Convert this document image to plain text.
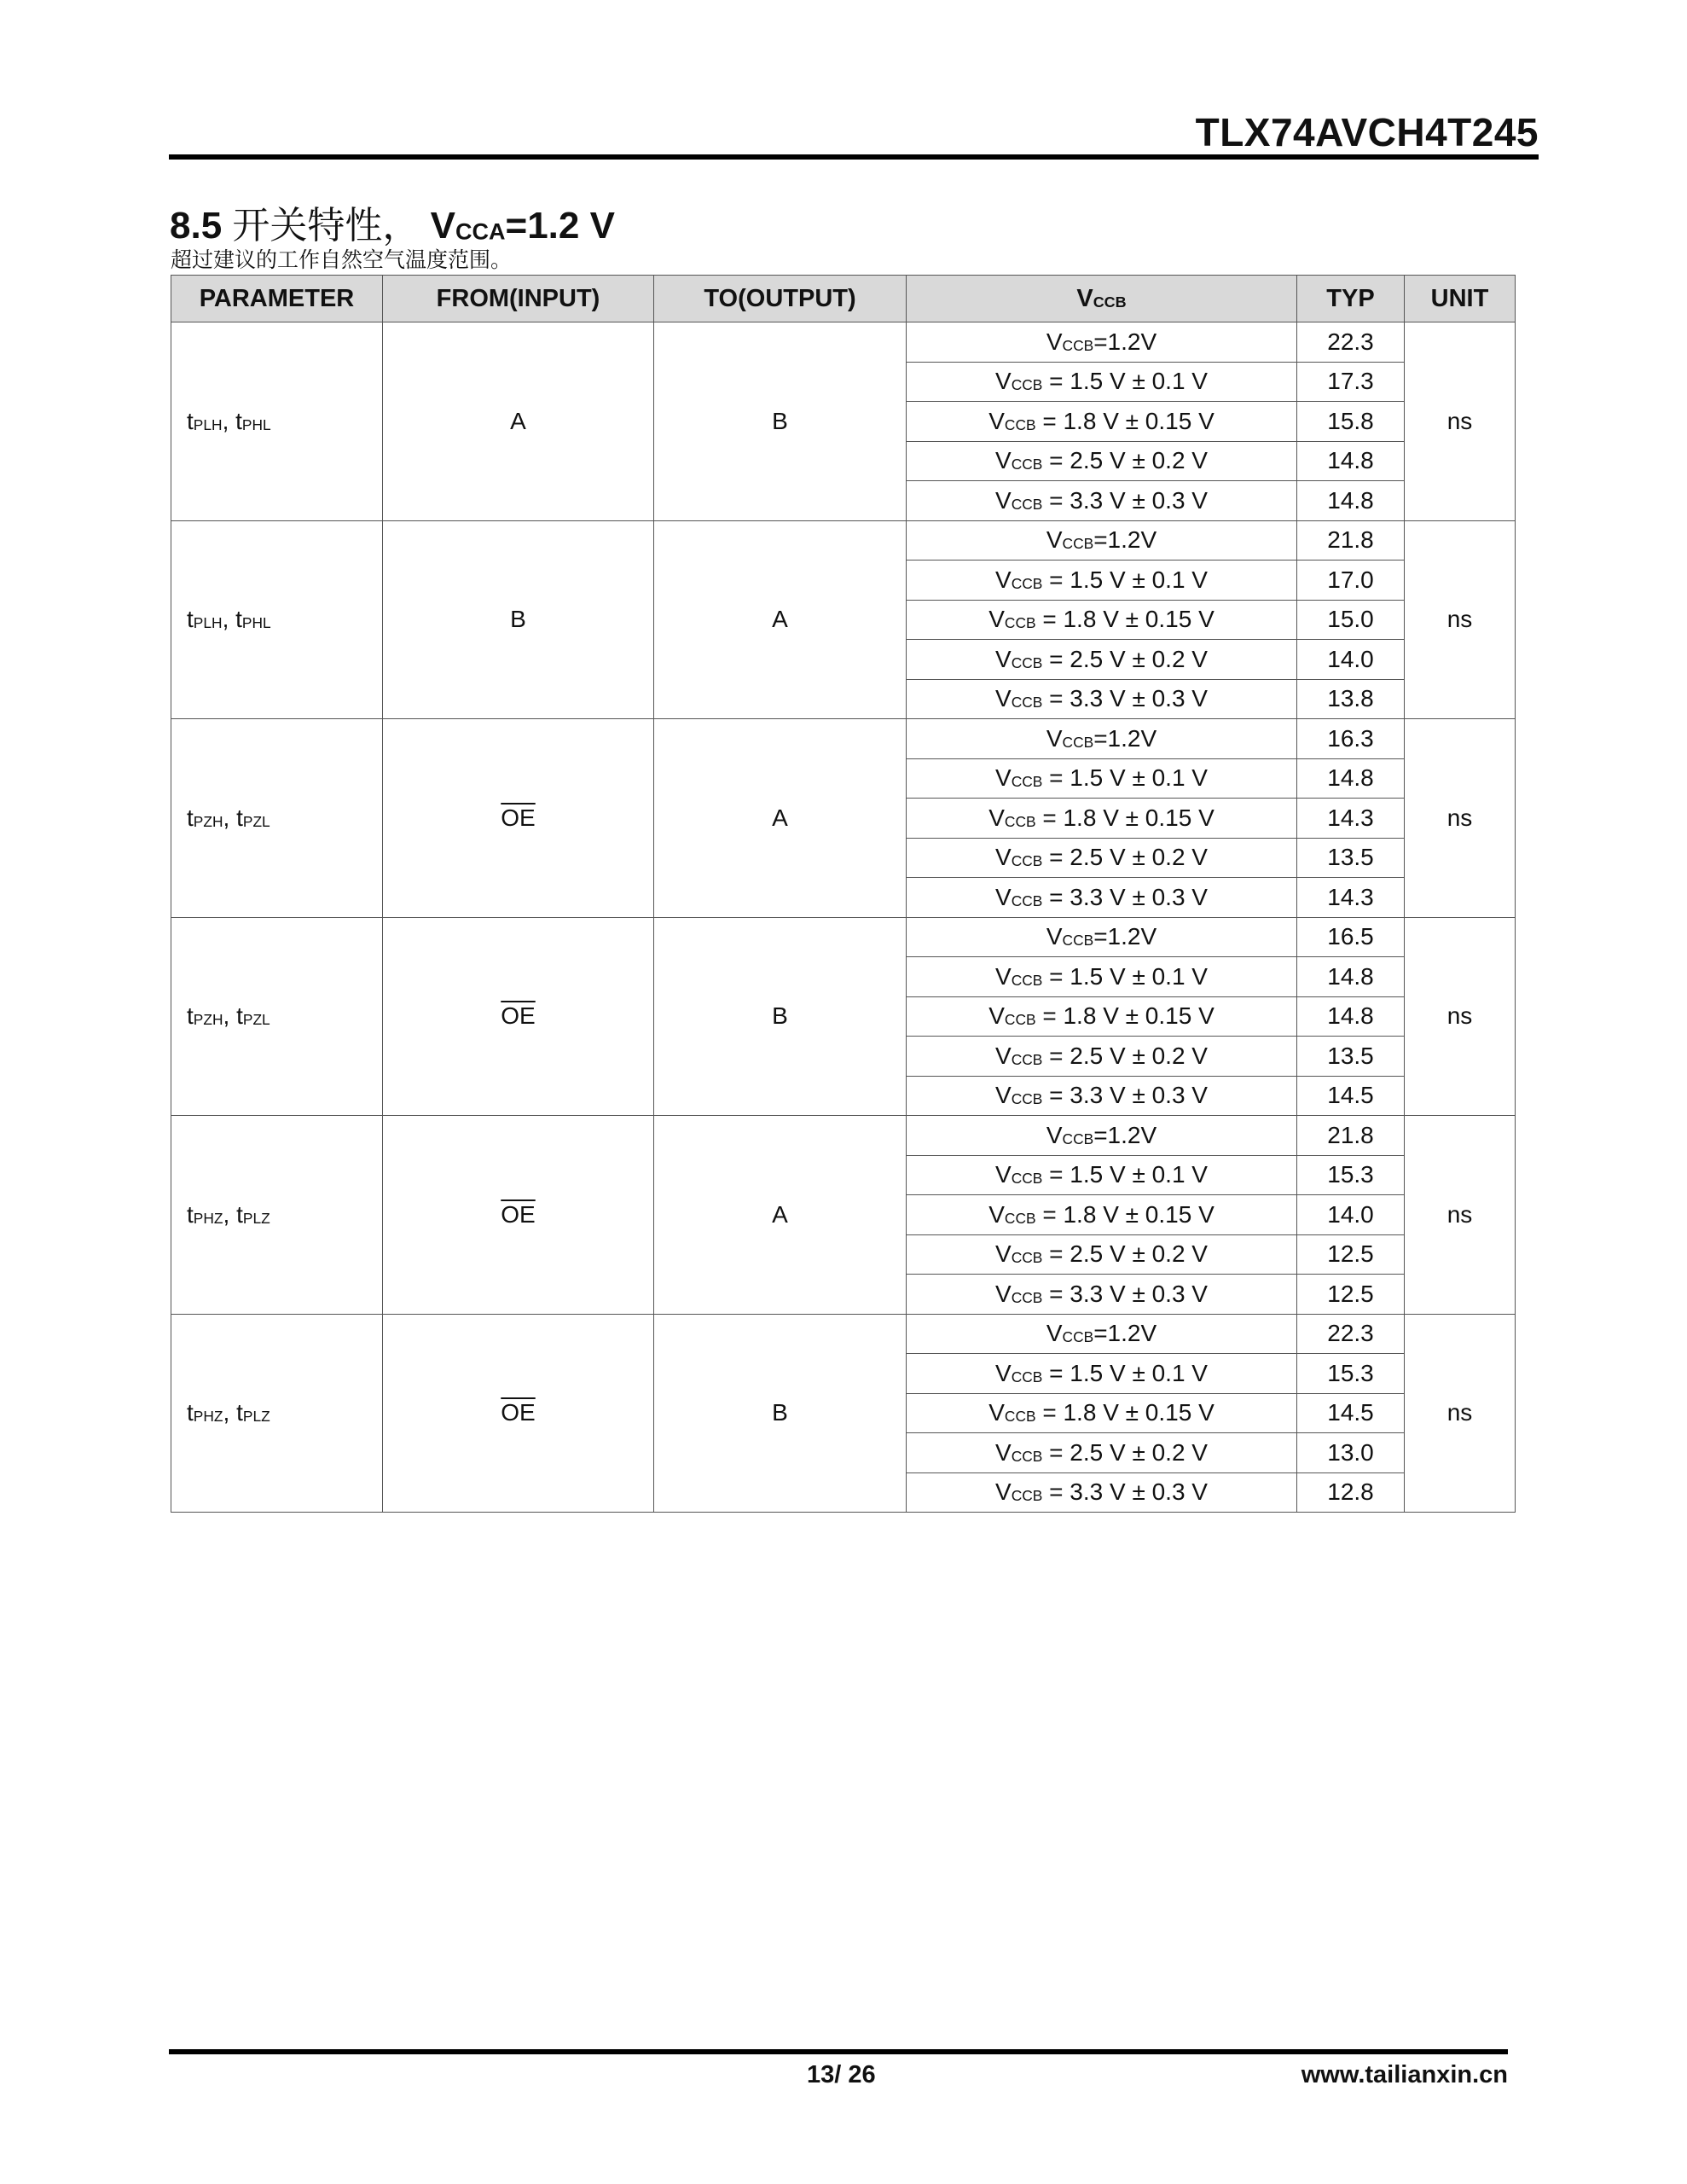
TLX74AVCH4T245
8.5 开关特性， VCCA=1.2 V
超过建议的工作自然空气温度范围。
PARAMETER	FROM(INPUT)	TO(OUTPUT)	VCCB	TYP	UNIT
tPLH, tPHL	A	B	VCCB=1.2V	22.3	ns
			VCCB = 1.5 V ± 0.1 V	17.3	
			VCCB = 1.8 V ± 0.15 V	15.8	
			VCCB = 2.5 V ± 0.2 V	14.8	
			VCCB = 3.3 V ± 0.3 V	14.8	
tPLH, tPHL	B	A	VCCB=1.2V	21.8	ns
			VCCB = 1.5 V ± 0.1 V	17.0	
			VCCB = 1.8 V ± 0.15 V	15.0	
			VCCB = 2.5 V ± 0.2 V	14.0	
			VCCB = 3.3 V ± 0.3 V	13.8	
tPZH, tPZL	$\overline{OE}$	A	VCCB=1.2V	16.3	ns
			VCCB = 1.5 V ± 0.1 V	14.8	
			VCCB = 1.8 V ± 0.15 V	14.3	
			VCCB = 2.5 V ± 0.2 V	13.5	
			VCCB = 3.3 V ± 0.3 V	14.3	
tPZH, tPZL	$\overline{OE}$	B	VCCB=1.2V	16.5	ns
			VCCB = 1.5 V ± 0.1 V	14.8	
			VCCB = 1.8 V ± 0.15 V	14.8	
			VCCB = 2.5 V ± 0.2 V	13.5	
			VCCB = 3.3 V ± 0.3 V	14.5	
tPHZ, tPLZ	$\overline{OE}$	A	VCCB=1.2V	21.8	ns
			VCCB = 1.5 V ± 0.1 V	15.3	
			VCCB = 1.8 V ± 0.15 V	14.0	
			VCCB = 2.5 V ± 0.2 V	12.5	
			VCCB = 3.3 V ± 0.3 V	12.5	
tPHZ, tPLZ	$\overline{OE}$	B	VCCB=1.2V	22.3	ns
			VCCB = 1.5 V ± 0.1 V	15.3	
			VCCB = 1.8 V ± 0.15 V	14.5	
			VCCB = 2.5 V ± 0.2 V	13.0	
			VCCB = 3.3 V ± 0.3 V	12.8	
13/ 26	www.tailianxin.cn
